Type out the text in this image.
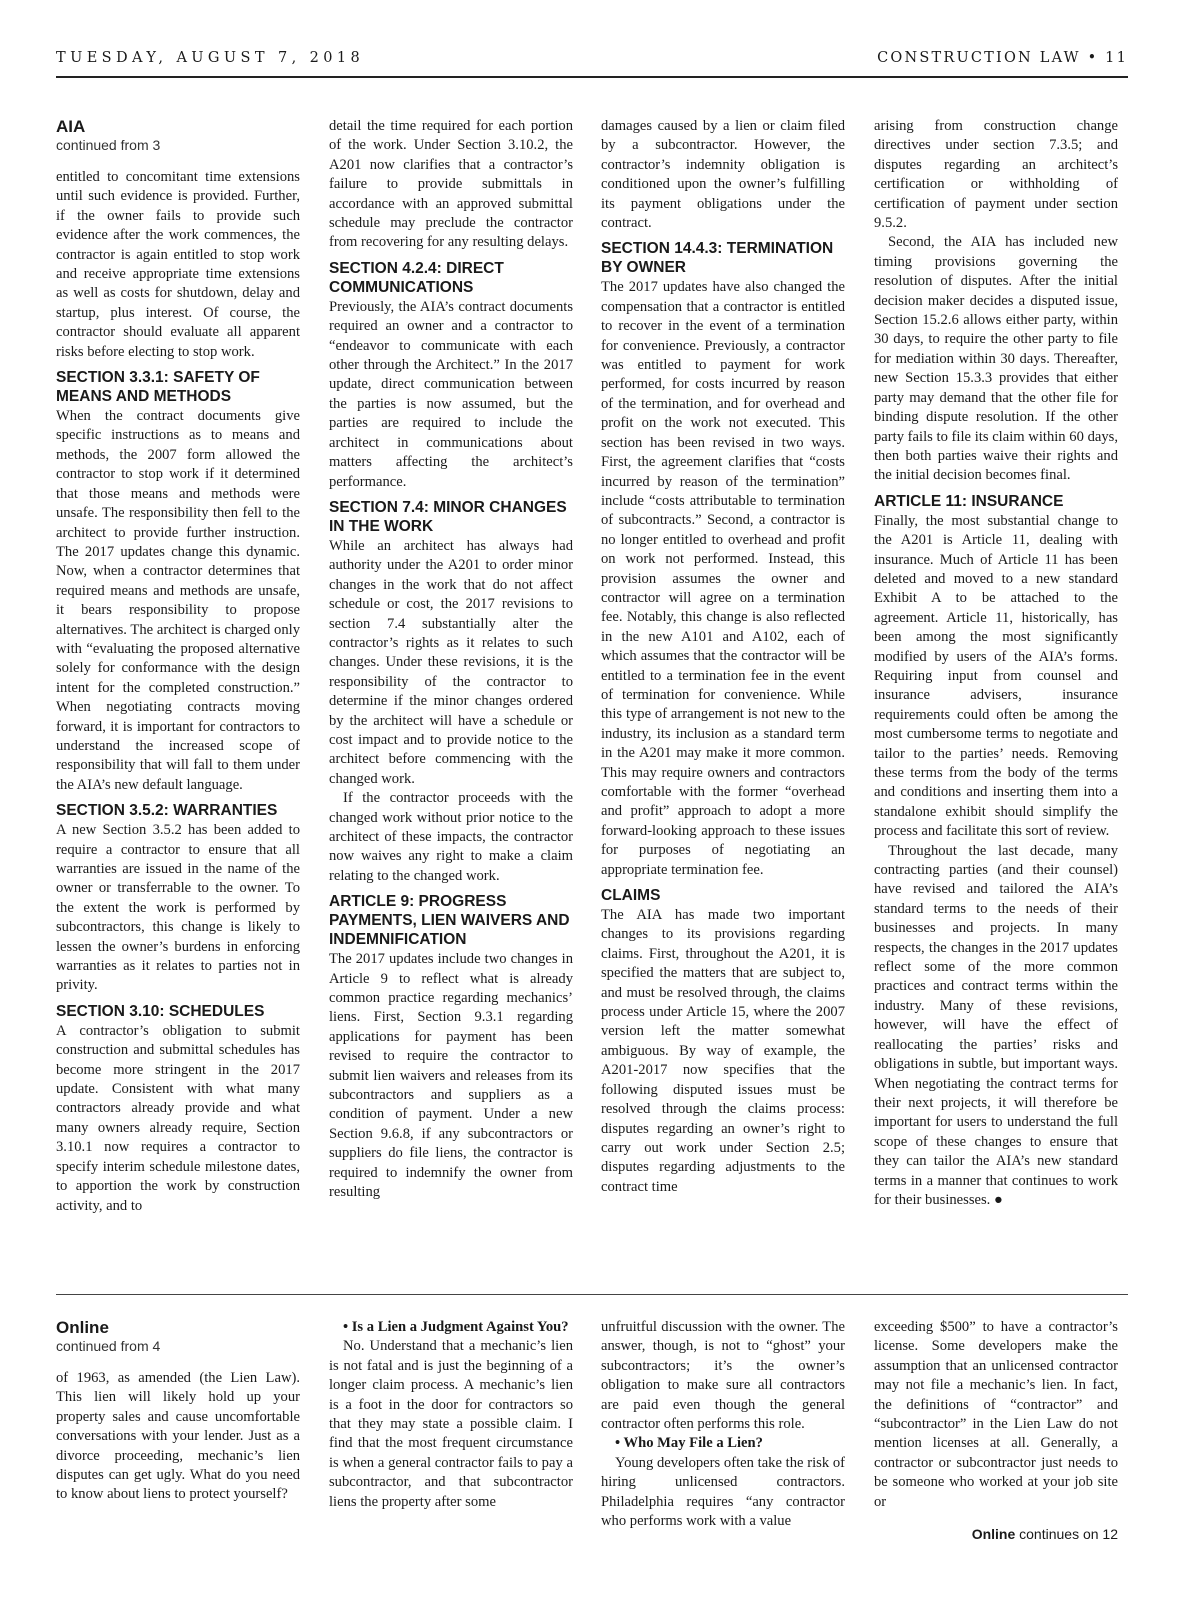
TUESDAY, AUGUST 7, 2018	CONSTRUCTION LAW • 11
AIA
continued from 3

entitled to concomitant time extensions until such evidence is provided. Further, if the owner fails to provide such evidence after the work commences, the contractor is again entitled to stop work and receive appropriate time extensions as well as costs for shutdown, delay and startup, plus interest. Of course, the contractor should evaluate all apparent risks before electing to stop work.

SECTION 3.3.1: SAFETY OF MEANS AND METHODS

When the contract documents give specific instructions as to means and methods, the 2007 form allowed the contractor to stop work if it determined that those means and methods were unsafe. The responsibility then fell to the architect to provide further instruction. The 2017 updates change this dynamic. Now, when a contractor determines that required means and methods are unsafe, it bears responsibility to propose alternatives. The architect is charged only with “evaluating the proposed alternative solely for conformance with the design intent for the completed construction.” When negotiating contracts moving forward, it is important for contractors to understand the increased scope of responsibility that will fall to them under the AIA’s new default language.

SECTION 3.5.2: WARRANTIES

A new Section 3.5.2 has been added to require a contractor to ensure that all warranties are issued in the name of the owner or transferrable to the owner. To the extent the work is performed by subcontractors, this change is likely to lessen the owner’s burdens in enforcing warranties as it relates to parties not in privity.

SECTION 3.10: SCHEDULES

A contractor’s obligation to submit construction and submittal schedules has become more stringent in the 2017 update. Consistent with what many contractors already provide and what many owners already require, Section 3.10.1 now requires a contractor to specify interim schedule milestone dates, to apportion the work by construction activity, and to

detail the time required for each portion of the work. Under Section 3.10.2, the A201 now clarifies that a contractor’s failure to provide submittals in accordance with an approved submittal schedule may preclude the contractor from recovering for any resulting delays.

SECTION 4.2.4: DIRECT COMMUNICATIONS

Previously, the AIA’s contract documents required an owner and a contractor to “endeavor to communicate with each other through the Architect.” In the 2017 update, direct communication between the parties is now assumed, but the parties are required to include the architect in communications about matters affecting the architect’s performance.

SECTION 7.4: MINOR CHANGES IN THE WORK

While an architect has always had authority under the A201 to order minor changes in the work that do not affect schedule or cost, the 2017 revisions to section 7.4 substantially alter the contractor’s rights as it relates to such changes. Under these revisions, it is the responsibility of the contractor to determine if the minor changes ordered by the architect will have a schedule or cost impact and to provide notice to the architect before commencing with the changed work.

If the contractor proceeds with the changed work without prior notice to the architect of these impacts, the contractor now waives any right to make a claim relating to the changed work.

ARTICLE 9: PROGRESS PAYMENTS, LIEN WAIVERS AND INDEMNIFICATION

The 2017 updates include two changes in Article 9 to reflect what is already common practice regarding mechanics’ liens. First, Section 9.3.1 regarding applications for payment has been revised to require the contractor to submit lien waivers and releases from its subcontractors and suppliers as a condition of payment. Under a new Section 9.6.8, if any subcontractors or suppliers do file liens, the contractor is required to indemnify the owner from resulting

damages caused by a lien or claim filed by a subcontractor. However, the contractor’s indemnity obligation is conditioned upon the owner’s fulfilling its payment obligations under the contract.

SECTION 14.4.3: TERMINATION BY OWNER

The 2017 updates have also changed the compensation that a contractor is entitled to recover in the event of a termination for convenience. Previously, a contractor was entitled to payment for work performed, for costs incurred by reason of the termination, and for overhead and profit on the work not executed. This section has been revised in two ways. First, the agreement clarifies that “costs incurred by reason of the termination” include “costs attributable to termination of subcontracts.” Second, a contractor is no longer entitled to overhead and profit on work not performed. Instead, this provision assumes the owner and contractor will agree on a termination fee. Notably, this change is also reflected in the new A101 and A102, each of which assumes that the contractor will be entitled to a termination fee in the event of termination for convenience. While this type of arrangement is not new to the industry, its inclusion as a standard term in the A201 may make it more common. This may require owners and contractors comfortable with the former “overhead and profit” approach to adopt a more forward-looking approach to these issues for purposes of negotiating an appropriate termination fee.

CLAIMS

The AIA has made two important changes to its provisions regarding claims. First, throughout the A201, it is specified the matters that are subject to, and must be resolved through, the claims process under Article 15, where the 2007 version left the matter somewhat ambiguous. By way of example, the A201-2017 now specifies that the following disputed issues must be resolved through the claims process: disputes regarding an owner’s right to carry out work under Section 2.5; disputes regarding adjustments to the contract time

arising from construction change directives under section 7.3.5; and disputes regarding an architect’s certification or withholding of certification of payment under section 9.5.2.

Second, the AIA has included new timing provisions governing the resolution of disputes. After the initial decision maker decides a disputed issue, Section 15.2.6 allows either party, within 30 days, to require the other party to file for mediation within 30 days. Thereafter, new Section 15.3.3 provides that either party may demand that the other file for binding dispute resolution. If the other party fails to file its claim within 60 days, then both parties waive their rights and the initial decision becomes final.

ARTICLE 11: INSURANCE

Finally, the most substantial change to the A201 is Article 11, dealing with insurance. Much of Article 11 has been deleted and moved to a new standard Exhibit A to be attached to the agreement. Article 11, historically, has been among the most significantly modified by users of the AIA’s forms. Requiring input from counsel and insurance advisers, insurance requirements could often be among the most cumbersome terms to negotiate and tailor to the parties’ needs. Removing these terms from the body of the terms and conditions and inserting them into a standalone exhibit should simplify the process and facilitate this sort of review.

Throughout the last decade, many contracting parties (and their counsel) have revised and tailored the AIA’s standard terms to the needs of their businesses and projects. In many respects, the changes in the 2017 updates reflect some of the more common practices and contract terms within the industry. Many of these revisions, however, will have the effect of reallocating the parties’ risks and obligations in subtle, but important ways. When negotiating the contract terms for their next projects, it will therefore be important for users to understand the full scope of these changes to ensure that they can tailor the AIA’s new standard terms in a manner that continues to work for their businesses. ●

Online
continued from 4

of 1963, as amended (the Lien Law). This lien will likely hold up your property sales and cause uncomfortable conversations with your lender. Just as a divorce proceeding, mechanic’s lien disputes can get ugly. What do you need to know about liens to protect yourself?

• Is a Lien a Judgment Against You?

No. Understand that a mechanic’s lien is not fatal and is just the beginning of a longer claim process. A mechanic’s lien is a foot in the door for contractors so that they may state a possible claim. I find that the most frequent circumstance is when a general contractor fails to pay a subcontractor, and that subcontractor liens the property after some

unfruitful discussion with the owner. The answer, though, is not to “ghost” your subcontractors; it’s the owner’s obligation to make sure all contractors are paid even though the general contractor often performs this role.

• Who May File a Lien?

Young developers often take the risk of hiring unlicensed contractors. Philadelphia requires “any contractor who performs work with a value

exceeding $500” to have a contractor’s license. Some developers make the assumption that an unlicensed contractor may not file a mechanic’s lien. In fact, the definitions of “contractor” and “subcontractor” in the Lien Law do not mention licenses at all. Generally, a contractor or subcontractor just needs to be someone who worked at your job site or

Online continues on 12
